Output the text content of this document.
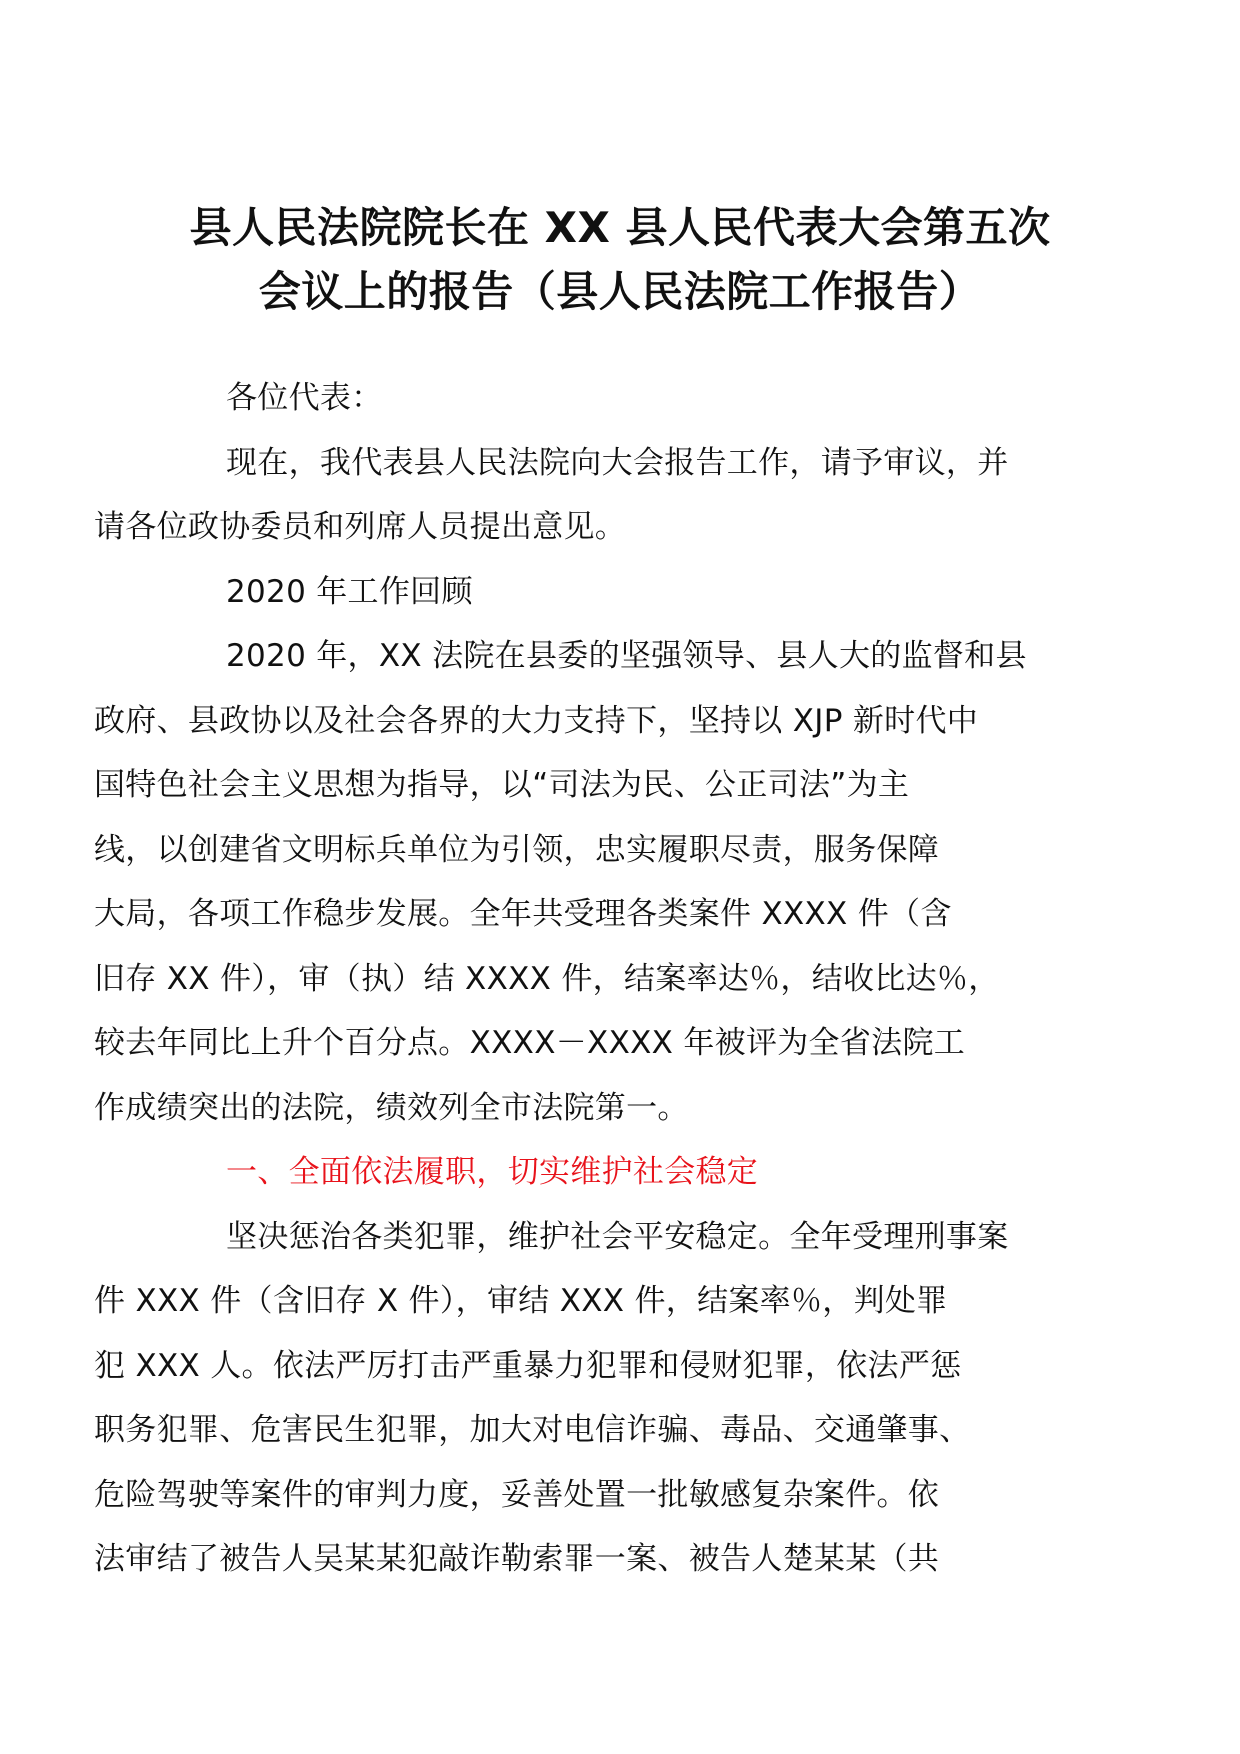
县人民法院院长在 XX 县人民代表大会第五次
会议上的报告（县人民法院工作报告）

各位代表：

现在，我代表县人民法院向大会报告工作，请予审议，并
请各位政协委员和列席人员提出意见。

2020 年工作回顾

2020 年，XX 法院在县委的坚强领导、县人大的监督和县
政府、县政协以及社会各界的大力支持下，坚持以 XJP 新时代中
国特色社会主义思想为指导，以“司法为民、公正司法”为主
线，以创建省文明标兵单位为引领，忠实履职尽责，服务保障
大局，各项工作稳步发展。全年共受理各类案件 XXXX 件（含
旧存 XX 件），审（执）结 XXXX 件，结案率达％，结收比达％，
较去年同比上升个百分点。XXXX－XXXX 年被评为全省法院工
作成绩突出的法院，绩效列全市法院第一。

一、全面依法履职，切实维护社会稳定

坚决惩治各类犯罪，维护社会平安稳定。全年受理刑事案
件 XXX 件（含旧存 X 件），审结 XXX 件，结案率％，判处罪
犯 XXX 人。依法严厉打击严重暴力犯罪和侵财犯罪，依法严惩
职务犯罪、危害民生犯罪，加大对电信诈骗、毒品、交通肇事、
危险驾驶等案件的审判力度，妥善处置一批敏感复杂案件。依
法审结了被告人吴某某犯敲诈勒索罪一案、被告人楚某某（共
